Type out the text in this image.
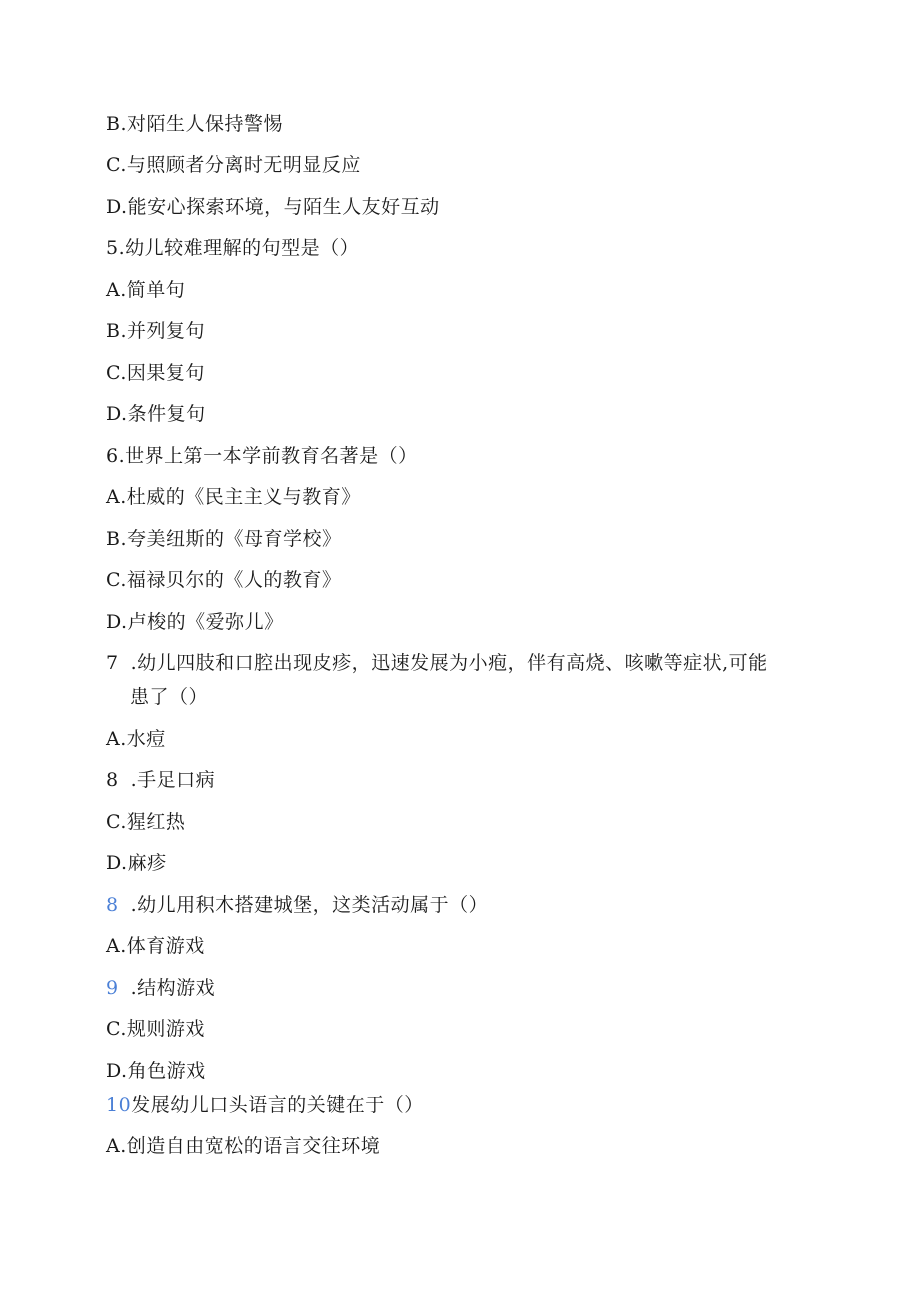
B.对陌生人保持警惕
C.与照顾者分离时无明显反应
D.能安心探索环境，与陌生人友好互动
5.幼儿较难理解的句型是（）
A.简单句
B.并列复句
C.因果复句
D.条件复句
6.世界上第一本学前教育名著是（）
A.杜威的《民主主义与教育》
B.夸美纽斯的《母育学校》
C.福禄贝尔的《人的教育》
D.卢梭的《爱弥儿》
7 .幼儿四肢和口腔出现皮疹，迅速发展为小疱，伴有高烧、咳嗽等症状,可能
患了（）
A.水痘
8 .手足口病
C.猩红热
D.麻疹
8 .幼儿用积木搭建城堡，这类活动属于（）
A.体育游戏
9 .结构游戏
C.规则游戏
D.角色游戏
10发展幼儿口头语言的关键在于（）
A.创造自由宽松的语言交往环境
